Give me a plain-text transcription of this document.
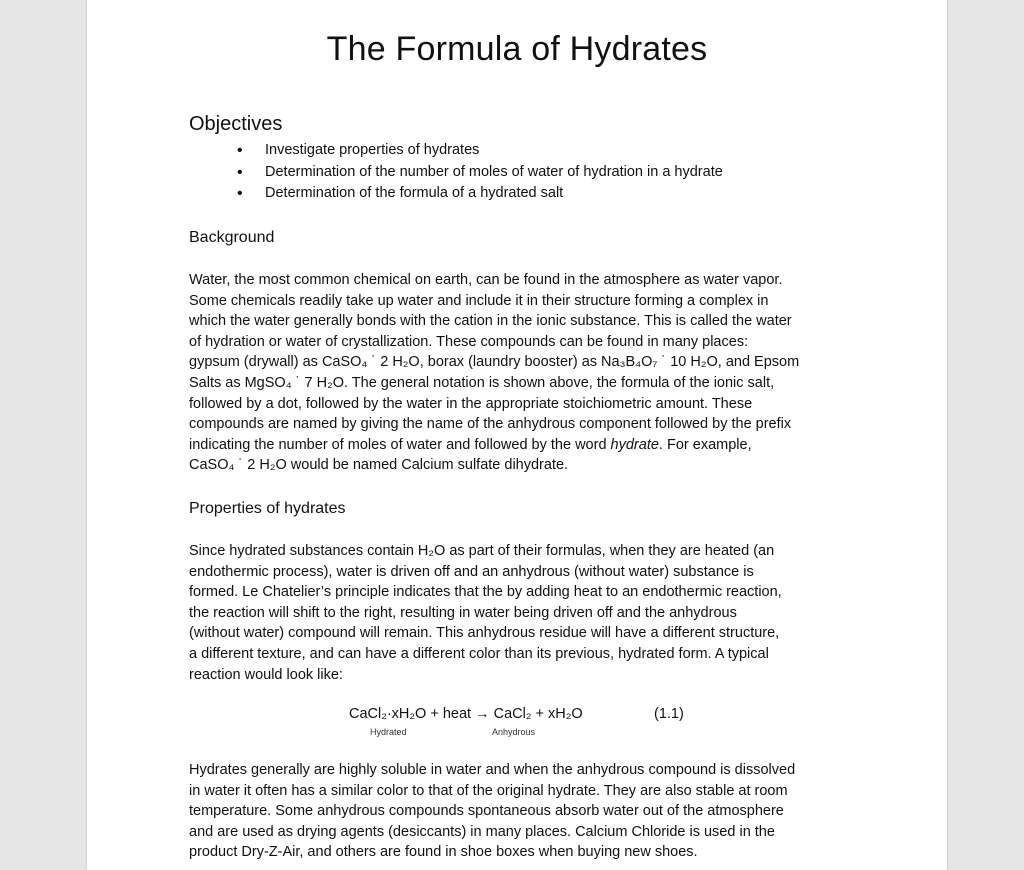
The Formula of Hydrates
Objectives
• Investigate properties of hydrates
• Determination of the number of moles of water of hydration in a hydrate
• Determination of the formula of a hydrated salt
Background

Water, the most common chemical on earth, can be found in the atmosphere as water vapor.
Some chemicals readily take up water and include it in their structure forming a complex in
which the water generally bonds with the cation in the ionic substance. This is called the water
of hydration or water of crystallization. These compounds can be found in many places:
gypsum (drywall) as CaSO₄ ˙ 2 H₂O, borax (laundry booster) as Na₃B₄O₇ ˙ 10 H₂O, and Epsom
Salts as MgSO₄ ˙ 7 H₂O. The general notation is shown above, the formula of the ionic salt,
followed by a dot, followed by the water in the appropriate stoichiometric amount. These
compounds are named by giving the name of the anhydrous component followed by the prefix
indicating the number of moles of water and followed by the word hydrate. For example,
CaSO₄ ˙ 2 H₂O would be named Calcium sulfate dihydrate.

Properties of hydrates

Since hydrated substances contain H₂O as part of their formulas, when they are heated (an
endothermic process), water is driven off and an anhydrous (without water) substance is
formed. Le Chatelier’s principle indicates that the by adding heat to an endothermic reaction,
the reaction will shift to the right, resulting in water being driven off and the anhydrous
(without water) compound will remain. This anhydrous residue will have a different structure,
a different texture, and can have a different color than its previous, hydrated form. A typical
reaction would look like:

CaCl₂·xH₂O + heat → CaCl₂ + xH₂O
Hydrated	Anhydrous
(1.1)

Hydrates generally are highly soluble in water and when the anhydrous compound is dissolved
in water it often has a similar color to that of the original hydrate. They are also stable at room
temperature. Some anhydrous compounds spontaneous absorb water out of the atmosphere
and are used as drying agents (desiccants) in many places. Calcium Chloride is used in the
product Dry-Z-Air, and others are found in shoe boxes when buying new shoes.
